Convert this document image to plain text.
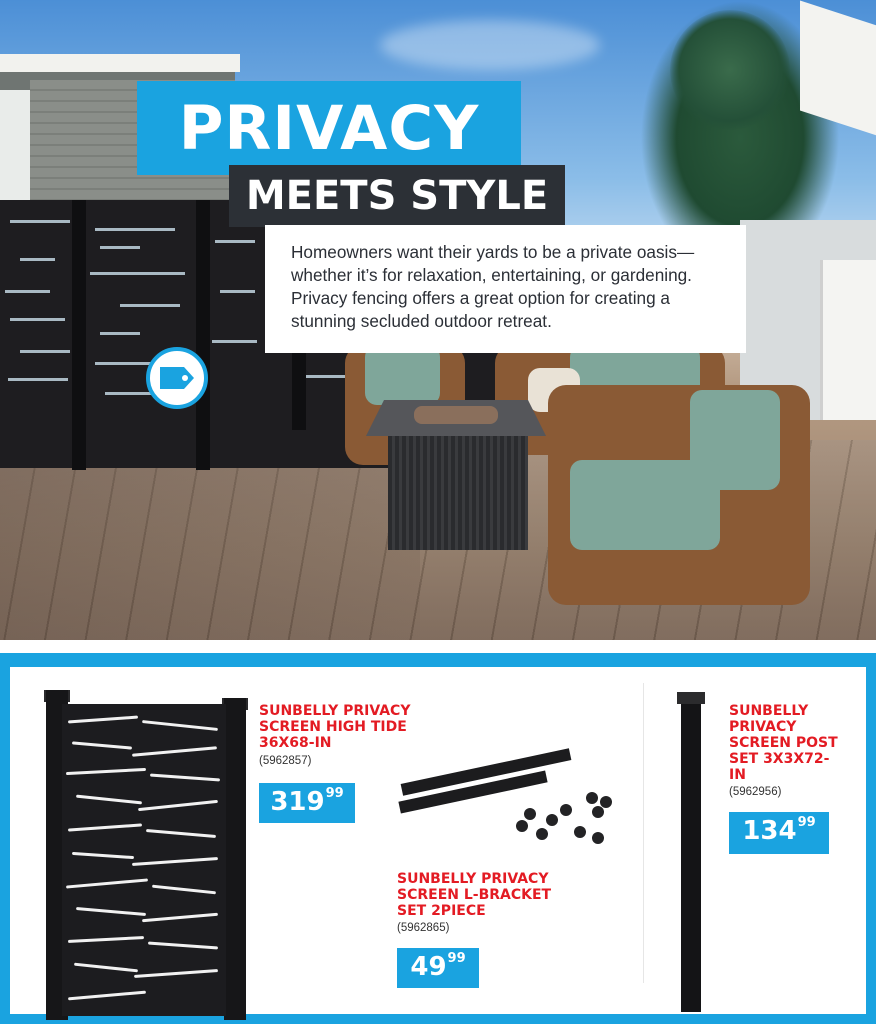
PRIVACY
MEETS STYLE
Homeowners want their yards to be a private oasis—whether it’s for relaxation, entertaining, or gardening. Privacy fencing offers a great option for creating a stunning secluded outdoor retreat.
SUNBELLY PRIVACY SCREEN HIGH TIDE 36X68-IN
(5962857)
319 99
SUNBELLY PRIVACY SCREEN L-BRACKET SET 2PIECE
(5962865)
49 99
SUNBELLY PRIVACY SCREEN POST SET 3X3X72-IN
(5962956)
134 99
